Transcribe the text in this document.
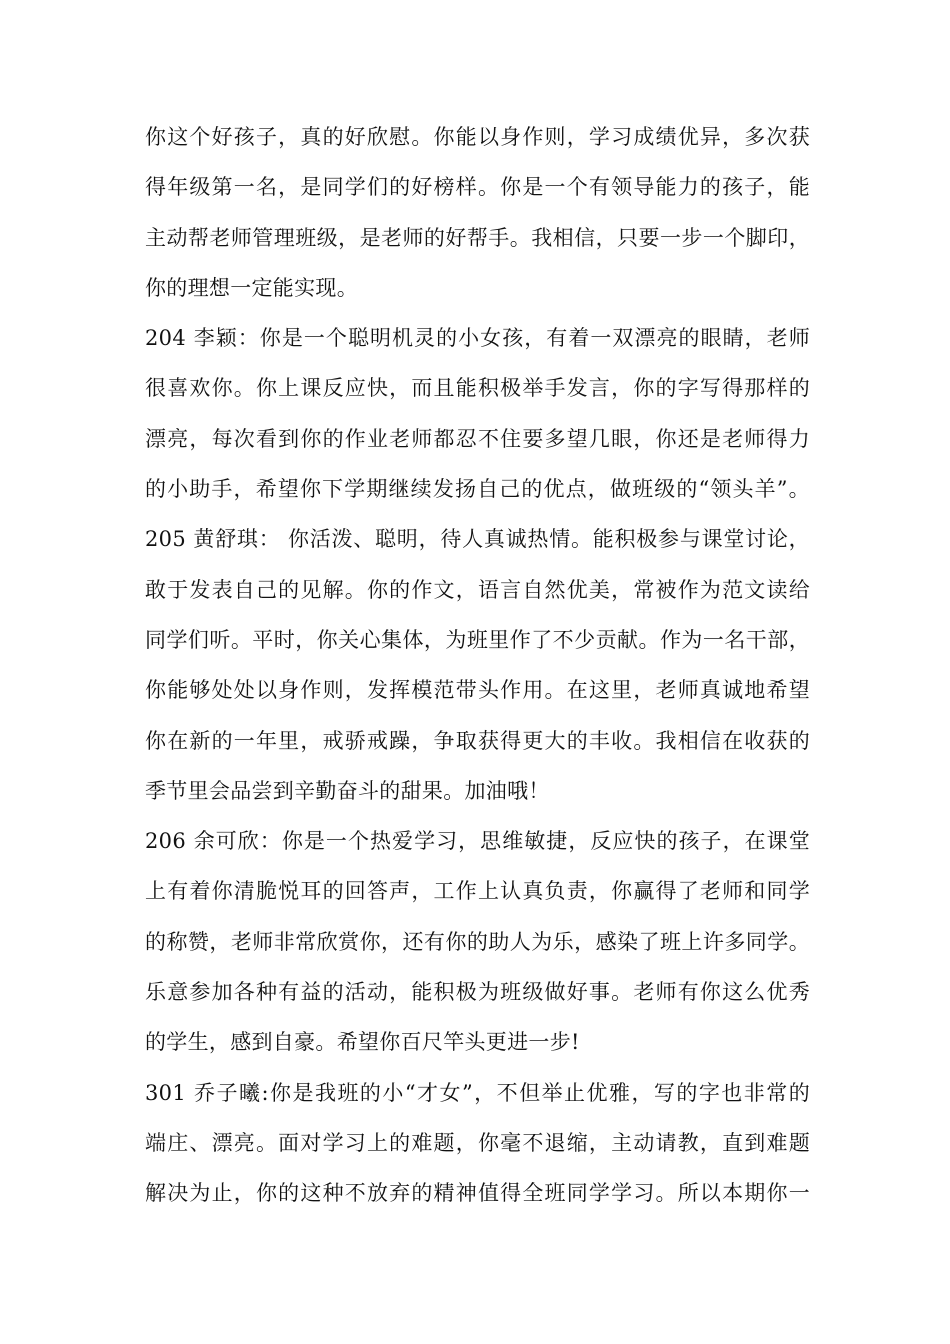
你这个好孩子，真的好欣慰。你能以身作则，学习成绩优异，多次获
得年级第一名，是同学们的好榜样。你是一个有领导能力的孩子，能
主动帮老师管理班级，是老师的好帮手。我相信，只要一步一个脚印，
你的理想一定能实现。
204 李颖：你是一个聪明机灵的小女孩，有着一双漂亮的眼睛，老师
很喜欢你。你上课反应快，而且能积极举手发言，你的字写得那样的
漂亮，每次看到你的作业老师都忍不住要多望几眼，你还是老师得力
的小助手，希望你下学期继续发扬自己的优点，做班级的“领头羊”。
205 黄舒琪： 你活泼、聪明，待人真诚热情。能积极参与课堂讨论，
敢于发表自己的见解。你的作文，语言自然优美，常被作为范文读给
同学们听。平时，你关心集体，为班里作了不少贡献。作为一名干部，
你能够处处以身作则，发挥模范带头作用。在这里，老师真诚地希望
你在新的一年里，戒骄戒躁，争取获得更大的丰收。我相信在收获的
季节里会品尝到辛勤奋斗的甜果。加油哦！
206 余可欣：你是一个热爱学习，思维敏捷，反应快的孩子，在课堂
上有着你清脆悦耳的回答声，工作上认真负责，你赢得了老师和同学
的称赞，老师非常欣赏你，还有你的助人为乐，感染了班上许多同学。
乐意参加各种有益的活动，能积极为班级做好事。老师有你这么优秀
的学生，感到自豪。希望你百尺竿头更进一步!
301 乔子曦:你是我班的小“才女”，不但举止优雅，写的字也非常的
端庄、漂亮。面对学习上的难题，你毫不退缩，主动请教，直到难题
解决为止，你的这种不放弃的精神值得全班同学学习。所以本期你一
